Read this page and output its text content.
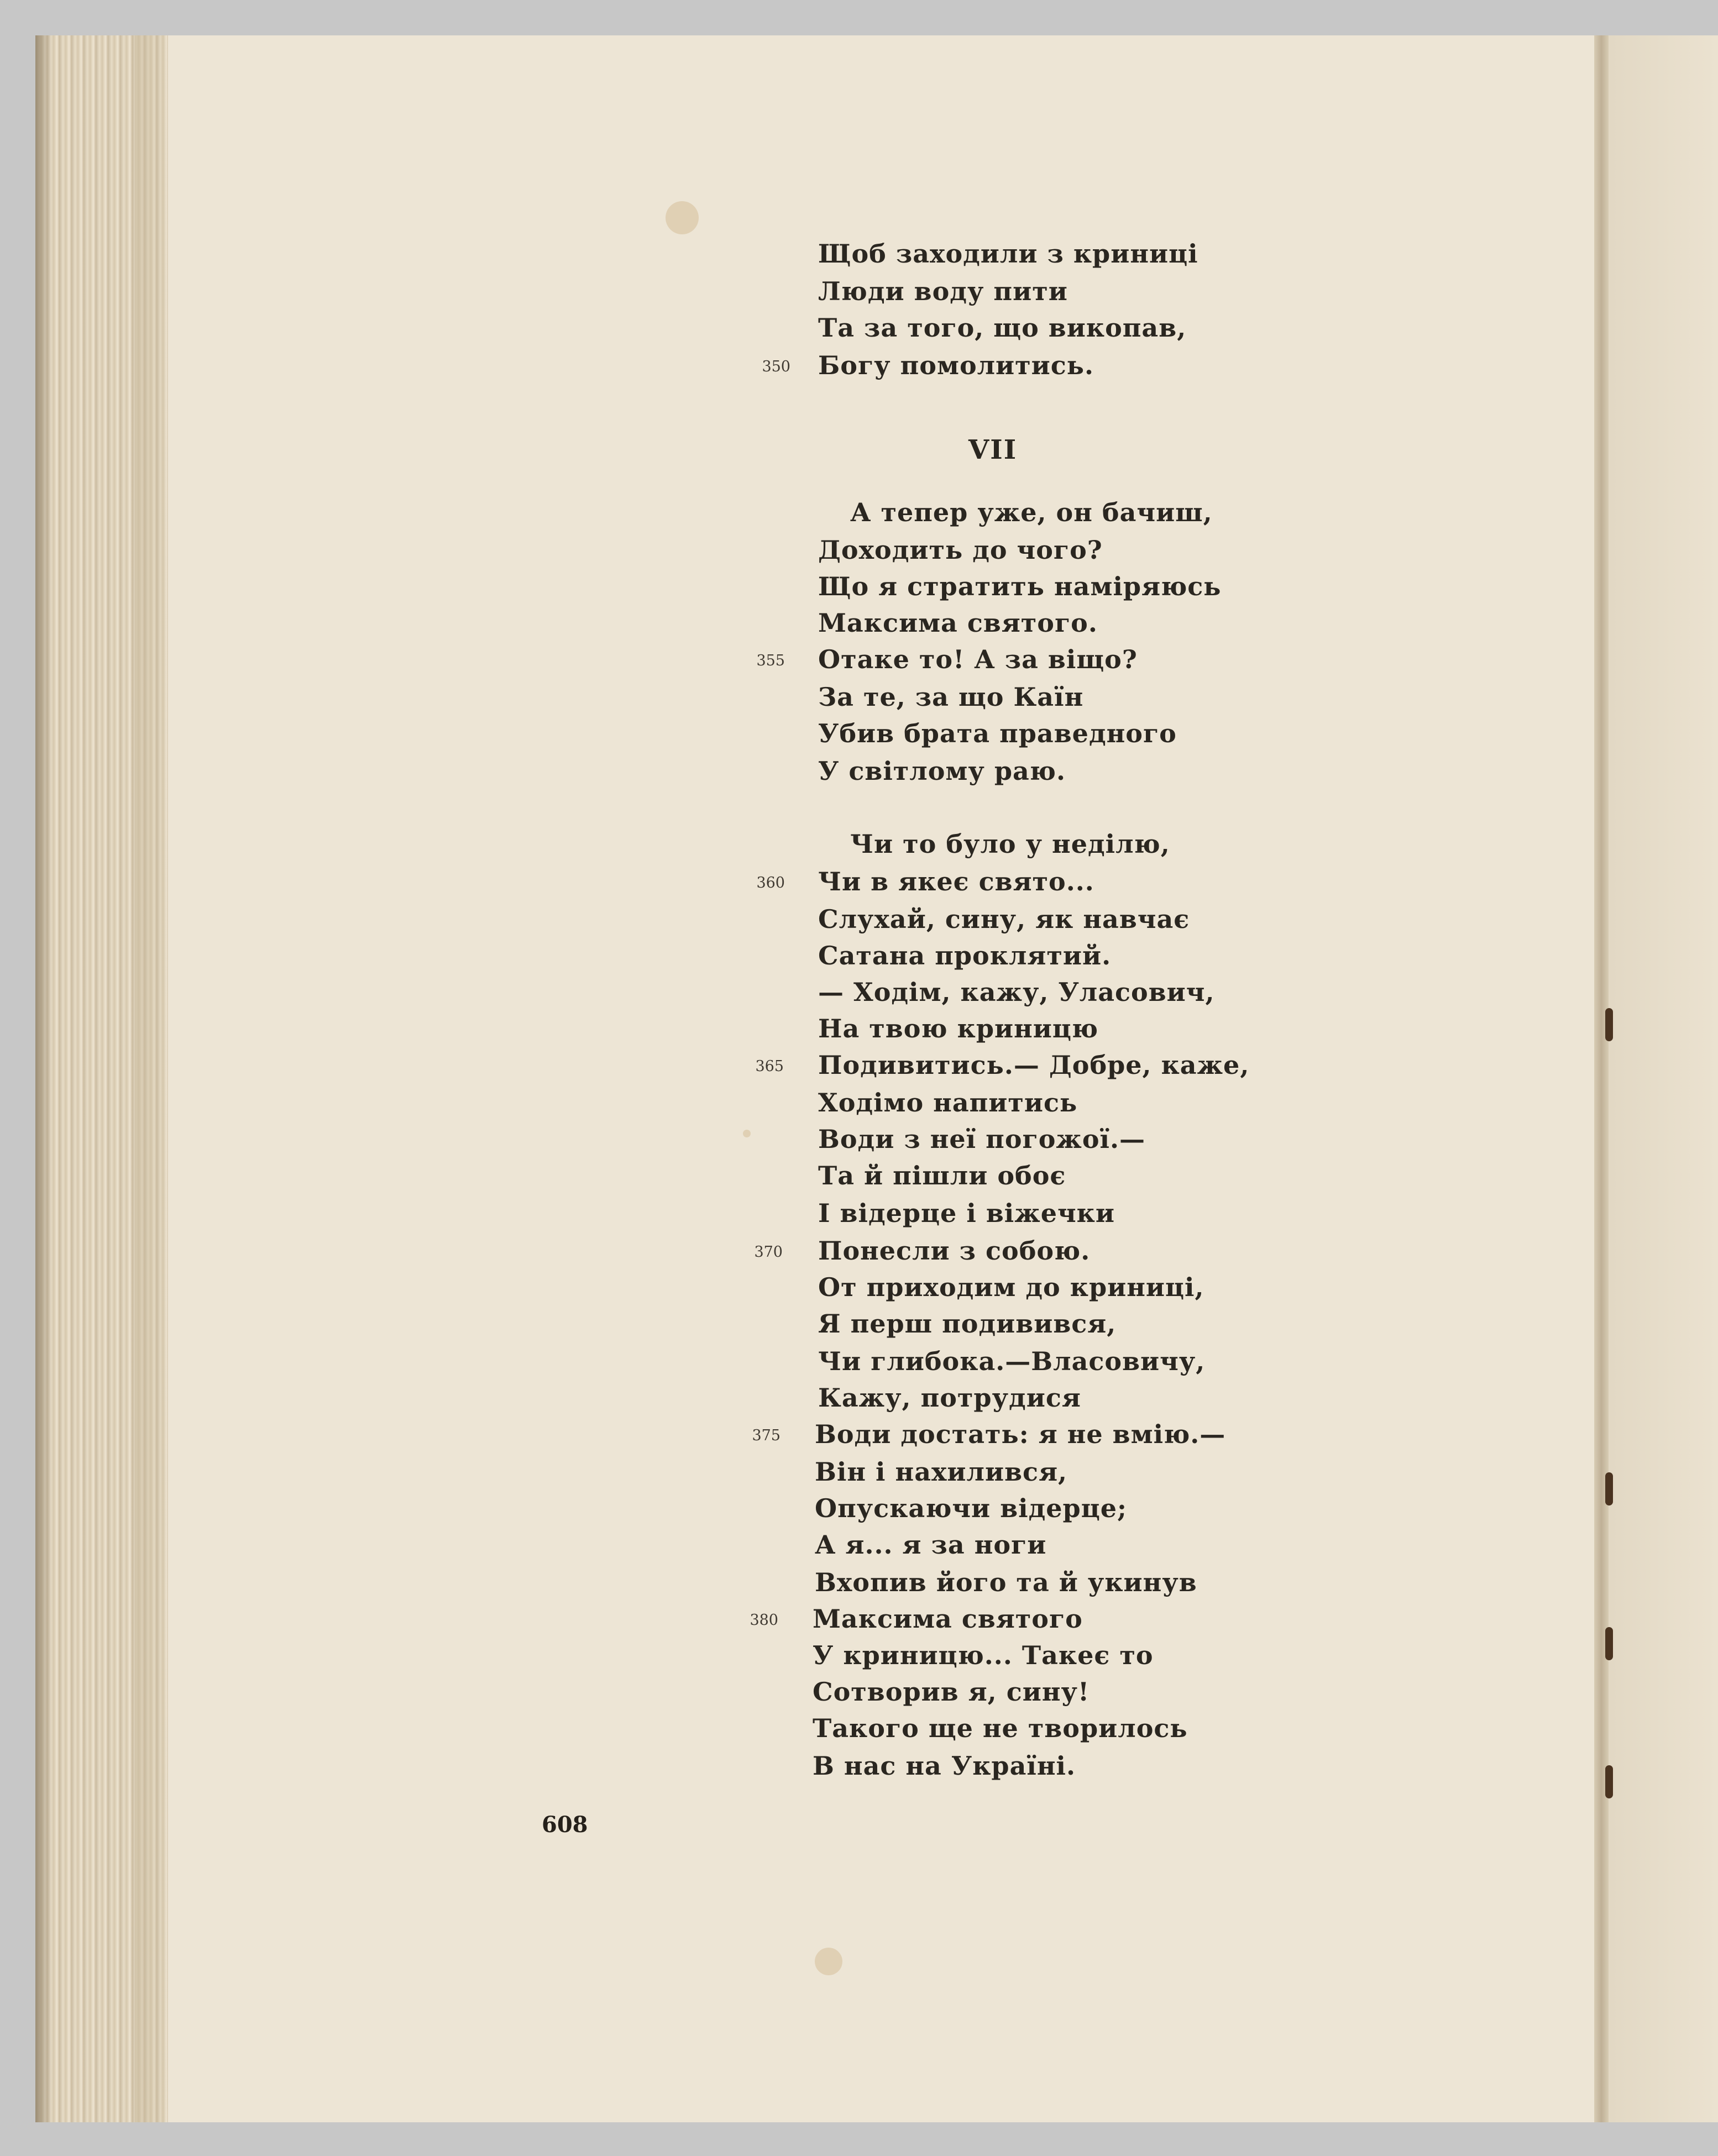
Щоб заходили з криниці
Люди воду пити
Та за того, що викопав,
Богу помолитись.
350
VII
А тепер уже, он бачиш,
Доходить до чого?
Що я стратить наміряюсь
Максима святого.
Отаке то! А за віщо?
355
За те, за що Каїн
Убив брата праведного
У світлому раю.
Чи то було у неділю,
Чи в якеє свято...
360
Слухай, сину, як навчає
Сатана проклятий.
— Ходім, кажу, Уласович,
На твою криницю
Подивитись.— Добре, каже,
365
Ходімо напитись
Води з неї погожої.—
Та й пішли обоє
І відерце і віжечки
Понесли з собою.
370
От приходим до криниці,
Я перш подивився,
Чи глибока.—Власовичу,
Кажу, потрудися
Води достать: я не вмію.—
375
Він і нахилився,
Опускаючи відерце;
А я... я за ноги
Вхопив його та й укинув
Максима святого
380
У криницю... Такеє то
Сотворив я, сину!
Такого ще не творилось
В нас на Україні.
608
